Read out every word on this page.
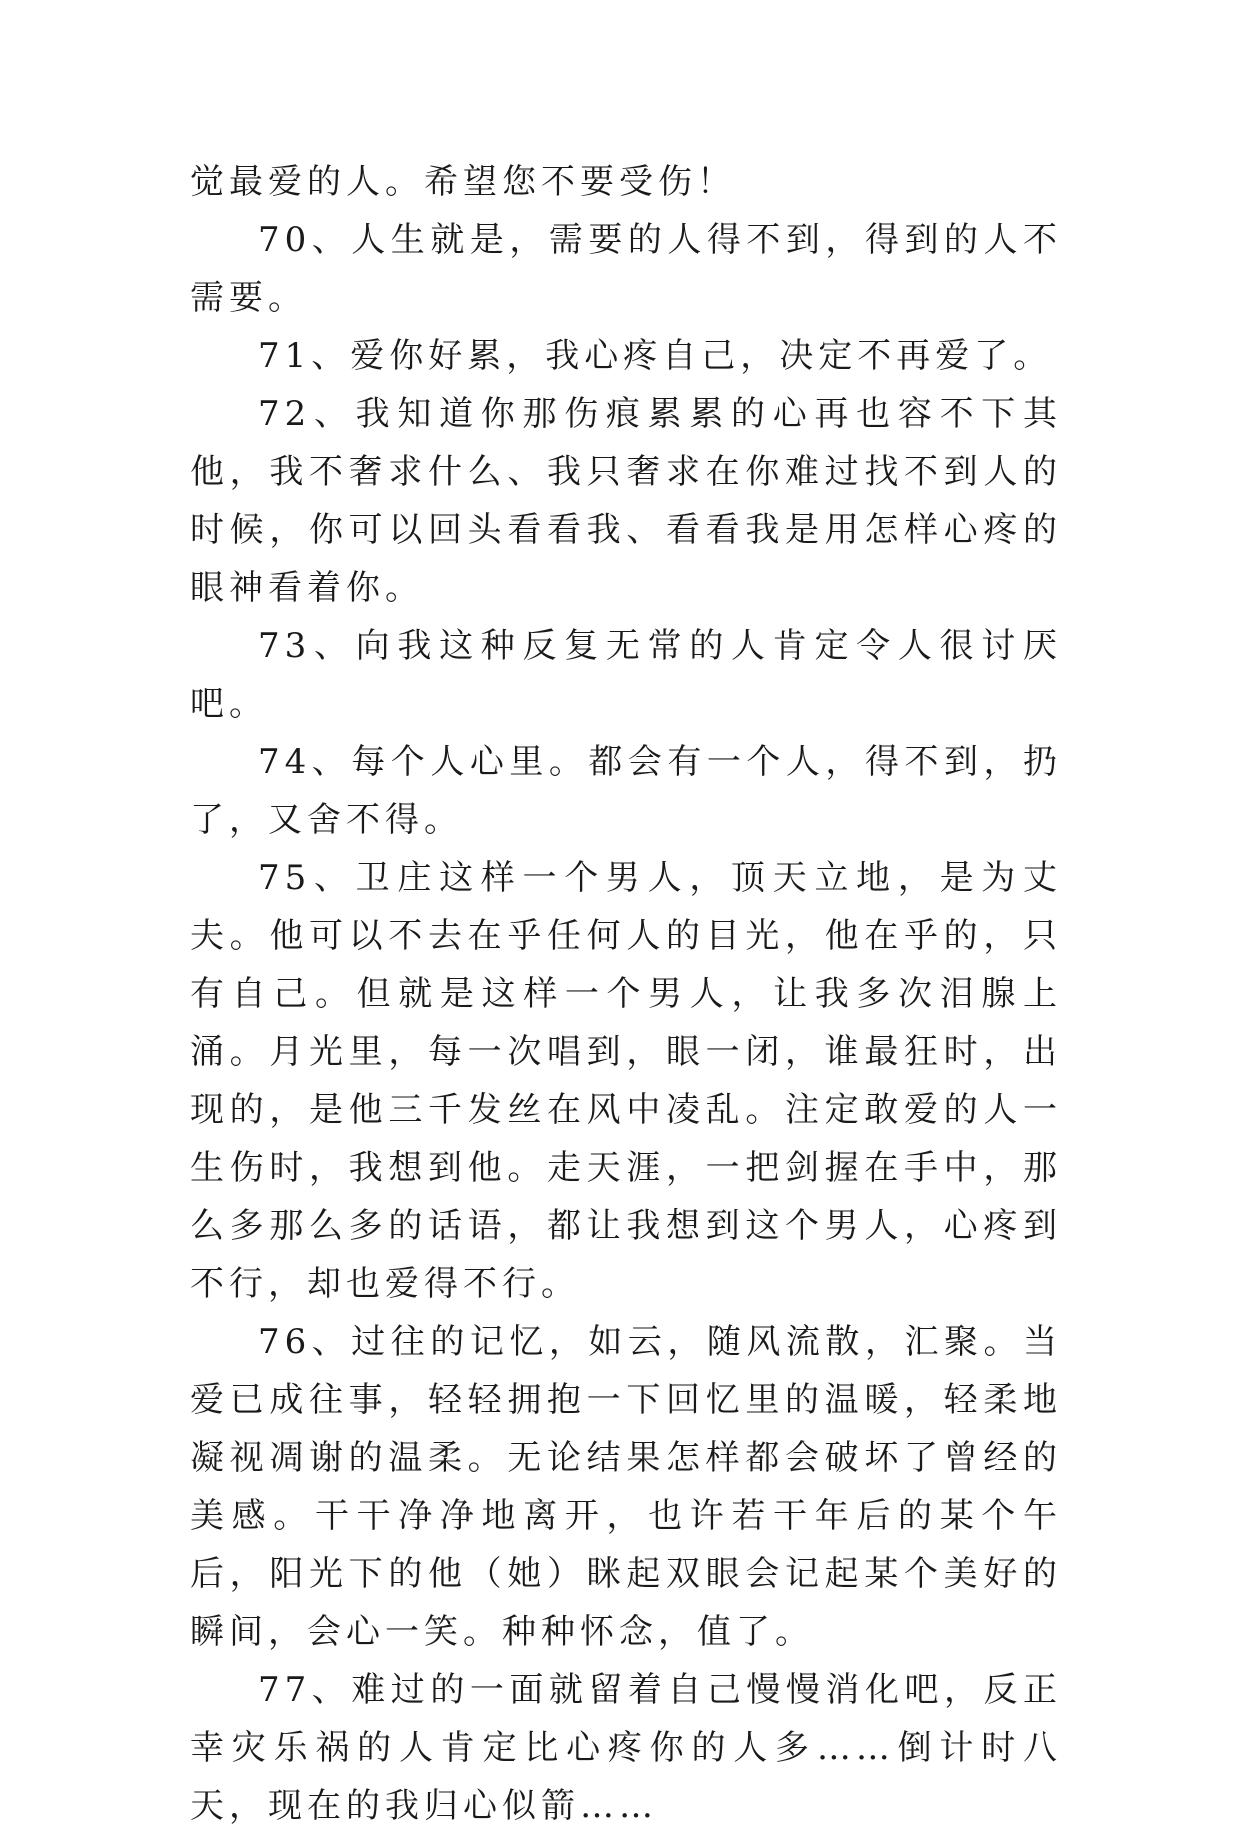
觉最爱的人。希望您不要受伤！

70、人生就是，需要的人得不到，得到的人不需要。

71、爱你好累，我心疼自己，决定不再爱了。

72、我知道你那伤痕累累的心再也容不下其他，我不奢求什么、我只奢求在你难过找不到人的时候，你可以回头看看我、看看我是用怎样心疼的眼神看着你。

73、向我这种反复无常的人肯定令人很讨厌吧。

74、每个人心里。都会有一个人，得不到，扔了，又舍不得。

75、卫庄这样一个男人，顶天立地，是为丈夫。他可以不去在乎任何人的目光，他在乎的，只有自己。但就是这样一个男人，让我多次泪腺上涌。月光里，每一次唱到，眼一闭，谁最狂时，出现的，是他三千发丝在风中凌乱。注定敢爱的人一生伤时，我想到他。走天涯，一把剑握在手中，那么多那么多的话语，都让我想到这个男人，心疼到不行，却也爱得不行。

76、过往的记忆，如云，随风流散，汇聚。当爱已成往事，轻轻拥抱一下回忆里的温暖，轻柔地凝视凋谢的温柔。无论结果怎样都会破坏了曾经的美感。干干净净地离开，也许若干年后的某个午后，阳光下的他（她）眯起双眼会记起某个美好的瞬间，会心一笑。种种怀念，值了。

77、难过的一面就留着自己慢慢消化吧，反正幸灾乐祸的人肯定比心疼你的人多……倒计时八天，现在的我归心似箭……
